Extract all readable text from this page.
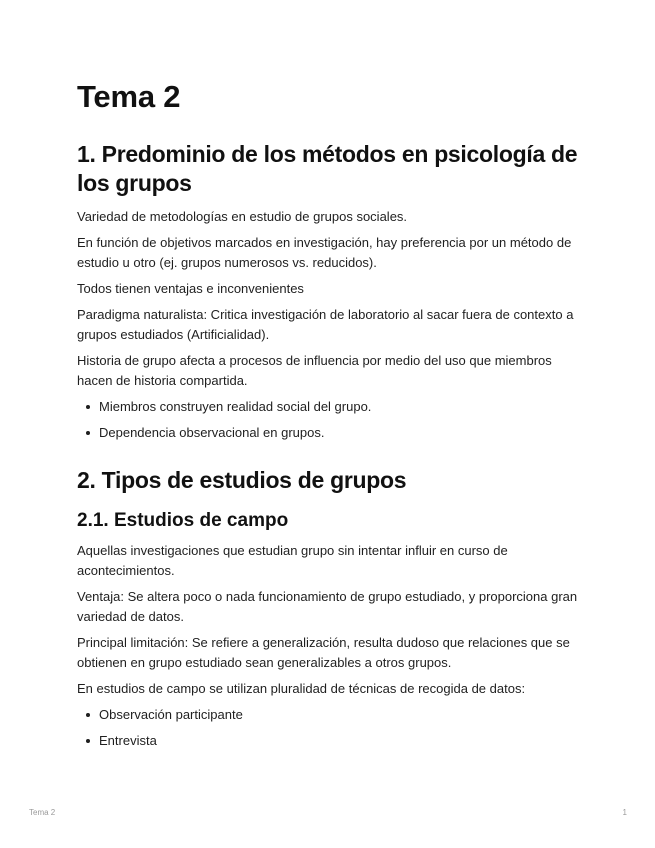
Tema 2
1. Predominio de los métodos en psicología de los grupos

Variedad de metodologías en estudio de grupos sociales.

En función de objetivos marcados en investigación, hay preferencia por un método de estudio u otro (ej. grupos numerosos vs. reducidos).

Todos tienen ventajas e inconvenientes

Paradigma naturalista: Critica investigación de laboratorio al sacar fuera de contexto a grupos estudiados (Artificialidad).

Historia de grupo afecta a procesos de influencia por medio del uso que miembros hacen de historia compartida.

Miembros construyen realidad social del grupo.
Dependencia observacional en grupos.
2. Tipos de estudios de grupos
2.1. Estudios de campo

Aquellas investigaciones que estudian grupo sin intentar influir en curso de acontecimientos.

Ventaja: Se altera poco o nada funcionamiento de grupo estudiado, y proporciona gran variedad de datos.

Principal limitación: Se refiere a generalización, resulta dudoso que relaciones que se obtienen en grupo estudiado sean generalizables a otros grupos.

En estudios de campo se utilizan pluralidad de técnicas de recogida de datos:

Observación participante
Entrevista
Tema 2	1
